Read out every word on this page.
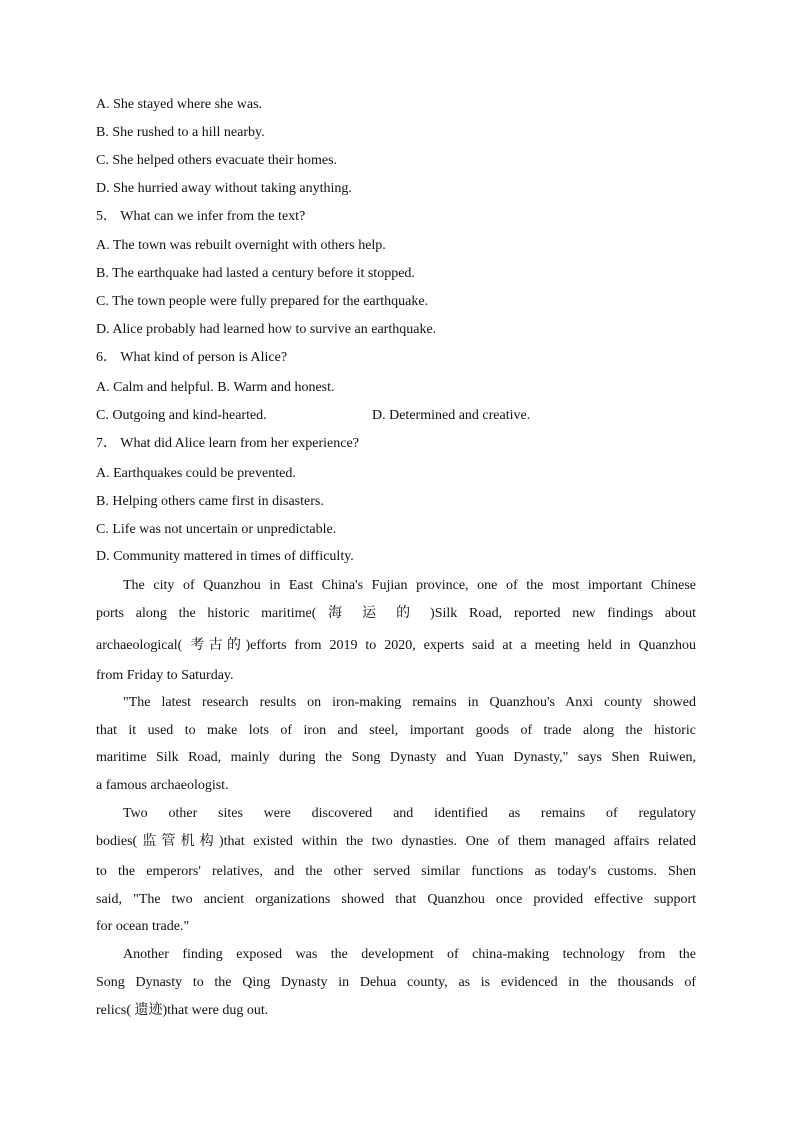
A. She stayed where she was.
B. She rushed to a hill nearby.
C. She helped others evacuate their homes.
D. She hurried away without taking anything.
5． What can we infer from the text?
A. The town was rebuilt overnight with others help.
B. The earthquake had lasted a century before it stopped.
C. The town people were fully prepared for the earthquake.
D. Alice probably had learned how to survive an earthquake.
6． What kind of person is Alice?
A. Calm and helpful. B. Warm and honest.
C. Outgoing and kind-hearted.	D. Determined and creative.
7． What did Alice learn from her experience?
A. Earthquakes could be prevented.
B. Helping others came first in disasters.
C. Life was not uncertain or unpredictable.
D. Community mattered in times of difficulty.
The city of Quanzhou in East China's Fujian province, one of the most important Chinese
ports along the historic maritime( 海 运 的 )Silk Road, reported new findings about
archaeological( 考古的)efforts from 2019 to 2020, experts said at a meeting held in Quanzhou
from Friday to Saturday.
"The latest research results on iron-making remains in Quanzhou's Anxi county showed
that it used to make lots of iron and steel, important goods of trade along the historic
maritime Silk Road, mainly during the Song Dynasty and Yuan Dynasty," says Shen Ruiwen,
a famous archaeologist.
Two other sites were discovered and identified as remains of regulatory
bodies(监管机构)that existed within the two dynasties. One of them managed affairs related
to the emperors' relatives, and the other served similar functions as today's customs. Shen
said, "The two ancient organizations showed that Quanzhou once provided effective support
for ocean trade."
Another finding exposed was the development of china-making technology from the
Song Dynasty to the Qing Dynasty in Dehua county, as is evidenced in the thousands of
relics( 遗迹)that were dug out.
